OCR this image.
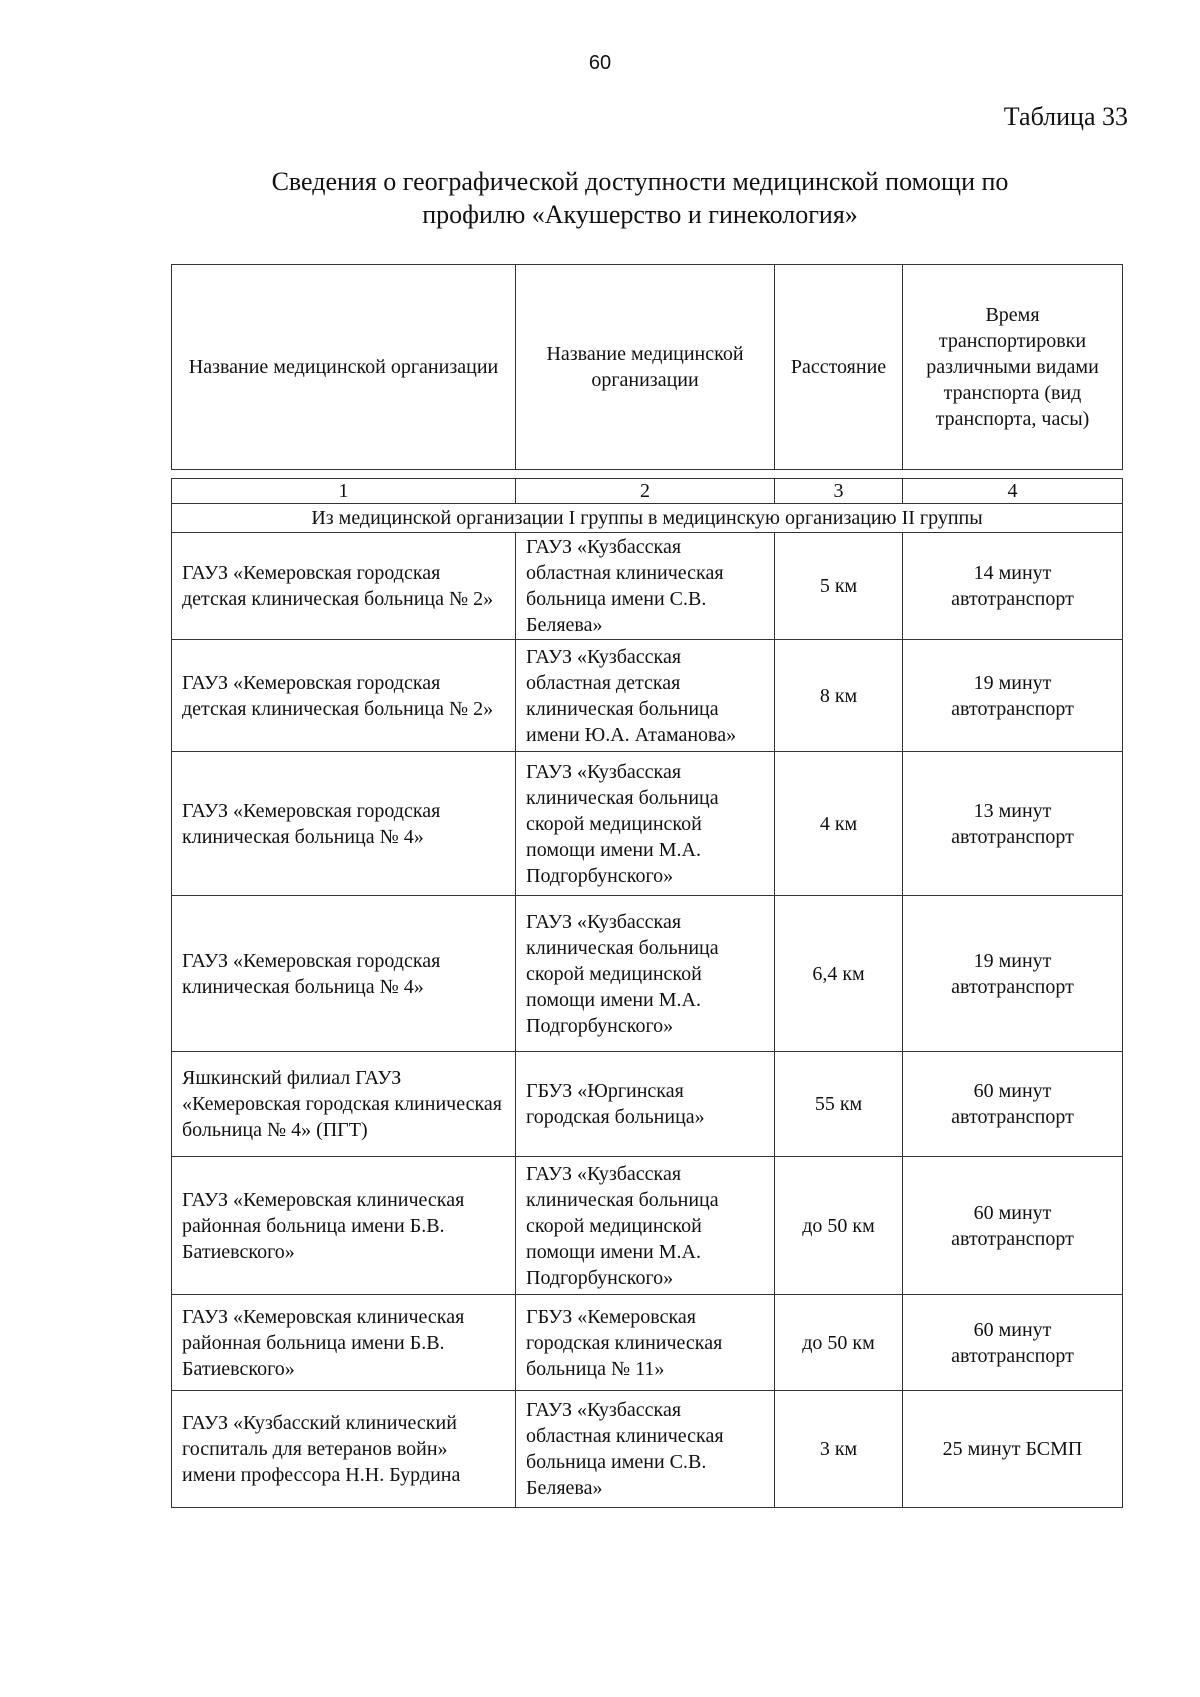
60
Таблица 33
Сведения о географической доступности медицинской помощи по
профилю «Акушерство и гинекология»
Название медицинской организации	Название медицинской организации	Расстояние	Время транспортировки различными видами транспорта (вид транспорта, часы)
1	2	3	4
Из медицинской организации I группы в медицинскую организацию II группы			
ГАУЗ «Кемеровская городская детская клиническая больница № 2»	ГАУЗ «Кузбасская областная клиническая больница имени С.В. Беляева»	5 км	14 минут автотранспорт
ГАУЗ «Кемеровская городская детская клиническая больница № 2»	ГАУЗ «Кузбасская областная детская клиническая больница имени Ю.А. Атаманова»	8 км	19 минут автотранспорт
ГАУЗ «Кемеровская городская клиническая больница № 4»	ГАУЗ «Кузбасская клиническая больница скорой медицинской помощи имени М.А. Подгорбунского»	4 км	13 минут автотранспорт
ГАУЗ «Кемеровская городская клиническая больница № 4»	ГАУЗ «Кузбасская клиническая больница скорой медицинской помощи имени М.А. Подгорбунского»	6,4 км	19 минут автотранспорт
Яшкинский филиал ГАУЗ «Кемеровская городская клиническая больница № 4» (ПГТ)	ГБУЗ «Юргинская городская больница»	55 км	60 минут автотранспорт
ГАУЗ «Кемеровская клиническая районная больница имени Б.В. Батиевского»	ГАУЗ «Кузбасская клиническая больница скорой медицинской помощи имени М.А. Подгорбунского»	до 50 км	60 минут автотранспорт
ГАУЗ «Кемеровская клиническая районная больница имени Б.В. Батиевского»	ГБУЗ «Кемеровская городская клиническая больница № 11»	до 50 км	60 минут автотранспорт
ГАУЗ «Кузбасский клинический госпиталь для ветеранов войн» имени профессора Н.Н. Бурдина	ГАУЗ «Кузбасская областная клиническая больница имени С.В. Беляева»	3 км	25 минут БСМП
